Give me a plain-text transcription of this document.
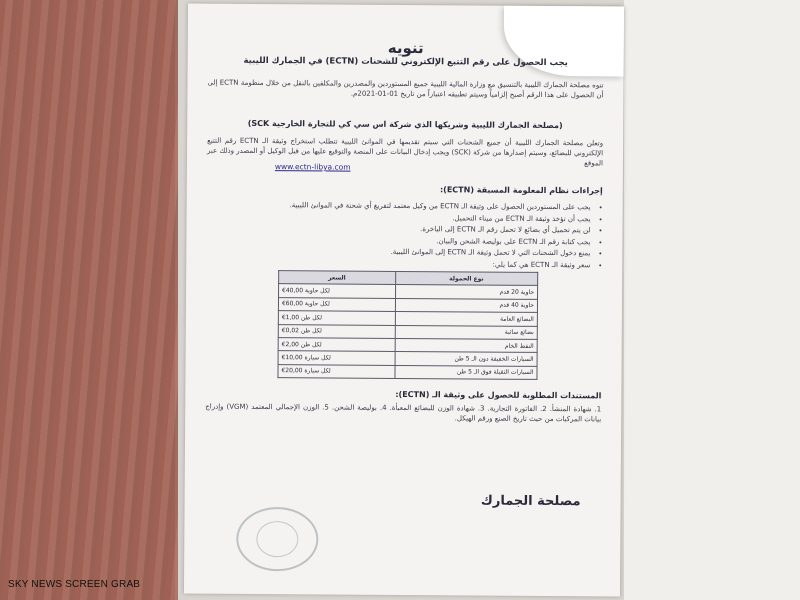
تنويه
يجب الحصول على رقم التتبع الإلكتروني للشحنات (ECTN) في الجمارك الليبية
تنوه مصلحة الجمارك الليبية بالتنسيق مع وزارة المالية الليبية جميع المستوردين والمصدرين والمكلفين بالنقل من خلال منظومة ECTN إلى أن الحصول على هذا الرقم أصبح إلزامياً وسيتم تطبيقه اعتباراً من تاريخ 01-01-2021م.
(مصلحة الجمارك الليبية وشريكها الذي شركة اس سي كي للتجارة الخارجية SCK)
وتعلن مصلحة الجمارك الليبية أن جميع الشحنات التي سيتم تقديمها في الموانئ الليبية تتطلب استخراج وثيقة الـ ECTN رقم التتبع الإلكتروني للبضائع، وسيتم إصدارها من شركة (SCK) ويجب إدخال البيانات على المنصة والتوقيع عليها من قبل الوكيل أو المصدر وذلك عبر الموقع
www.ectn-libya.com
إجراءات نظام المعلومة المسبقة (ECTN):
• يجب على المستوردين الحصول على وثيقة الـ ECTN من وكيل معتمد لتفريغ أي شحنة في الموانئ الليبية.
• يجب أن تؤخذ وثيقة الـ ECTN من ميناء التحميل.
• لن يتم تحميل أي بضائع لا تحمل رقم الـ ECTN إلى الباخرة.
• يجب كتابة رقم الـ ECTN على بوليصة الشحن والبيان.
• يمنع دخول الشحنات التي لا تحمل وثيقة الـ ECTN إلى الموانئ الليبية.
• سعر وثيقة الـ ECTN هي كما يلي:
السعر	نوع الحمولة
€40,00 لكل حاوية	حاوية 20 قدم
€60,00 لكل حاوية	حاوية 40 قدم
€1,00 لكل طن	البضائع العامة
€0,02 لكل طن	بضائع سائبة
€2,00 لكل طن	النفط الخام
€10,00 لكل سيارة	السيارات الخفيفة دون الـ 5 طن
€20,00 لكل سيارة	السيارات الثقيلة فوق الـ 5 طن
المستندات المطلوبة للحصول على وثيقة الـ (ECTN):
1. شهادة المنشأ. 2. الفاتورة التجارية. 3. شهادة الوزن للبضائع المعبأة. 4. بوليصة الشحن. 5. الوزن الإجمالي المعتمد (VGM) وإدراج بيانات المركبات من حيث تاريخ الصنع ورقم الهيكل.
مصلحة الجمارك
SKY NEWS SCREEN GRAB
